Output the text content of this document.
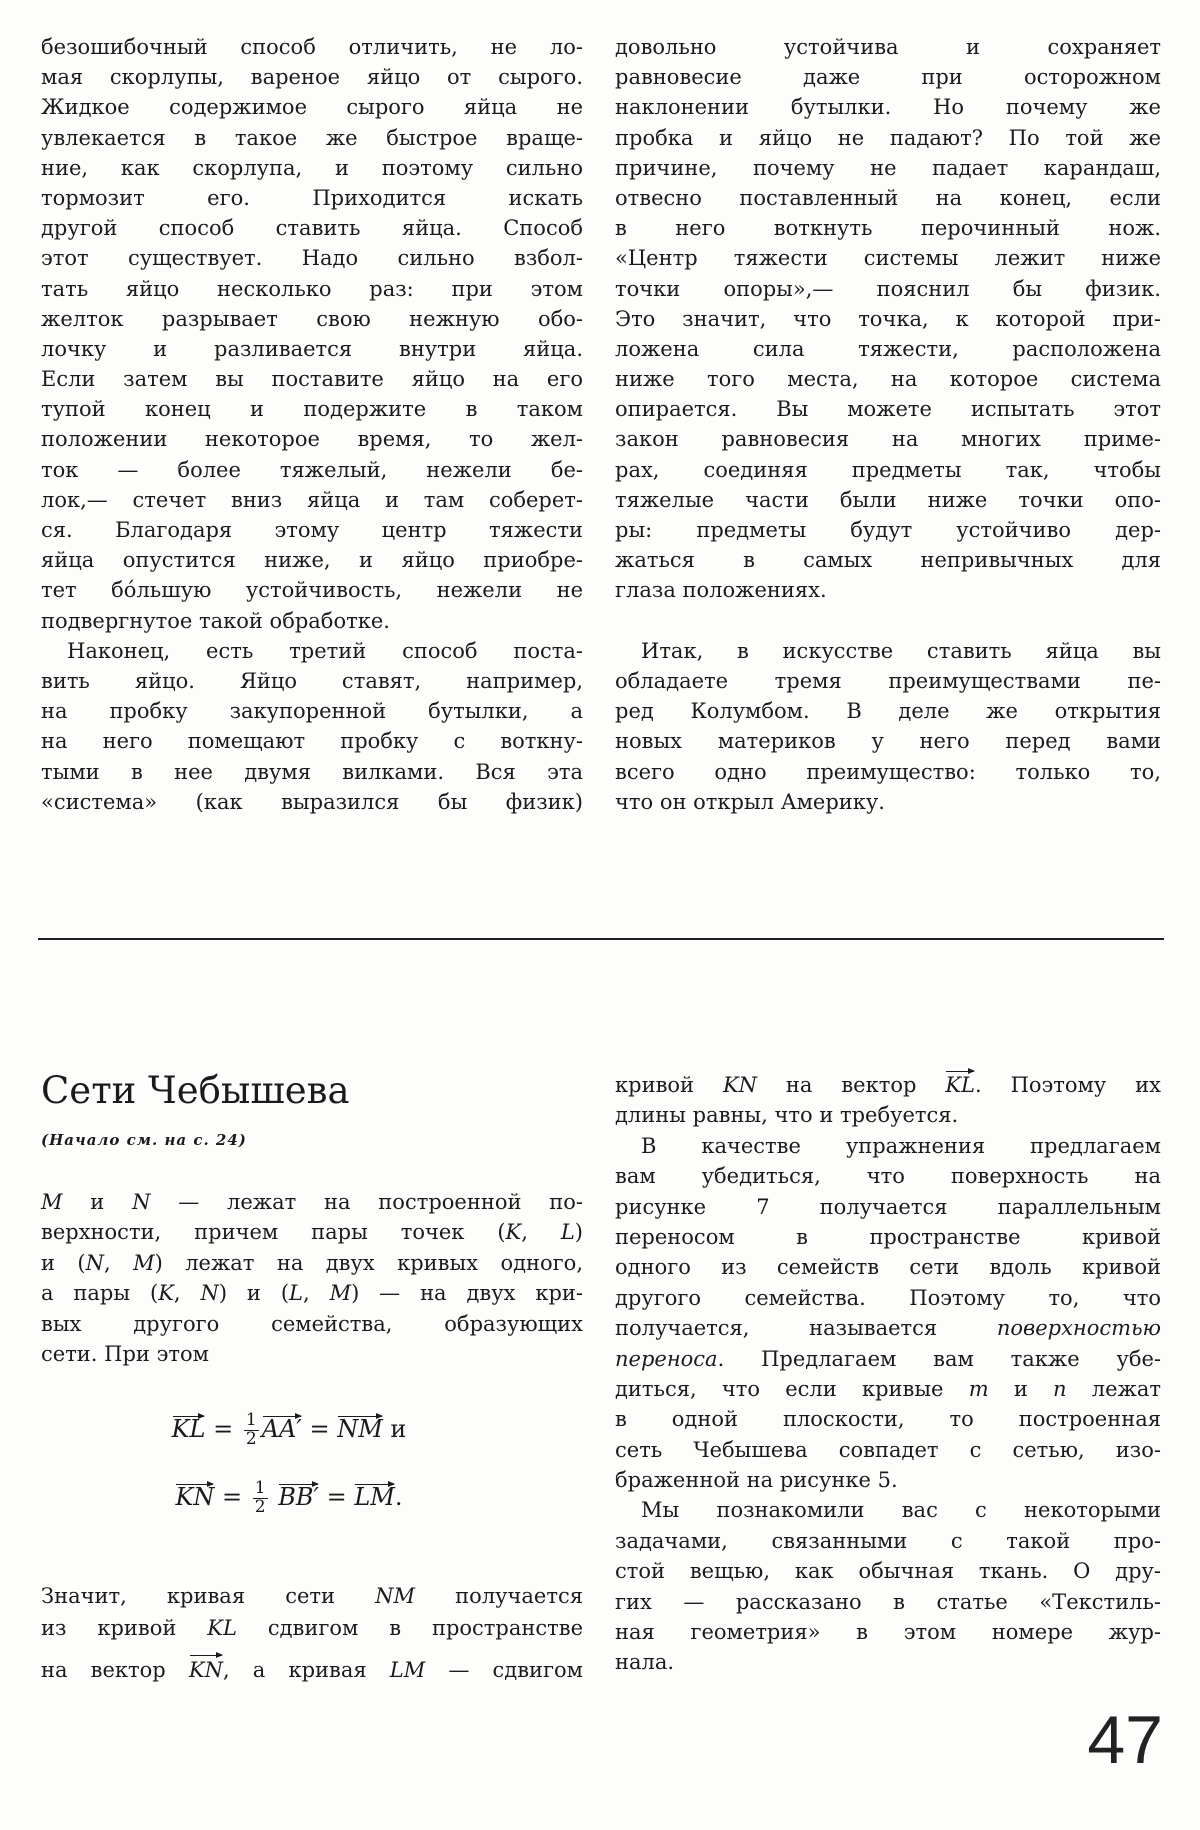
безошибочный способ отличить, не ло-
мая скорлупы, вареное яйцо от сырого.
Жидкое содержимое сырого яйца не
увлекается в такое же быстрое враще-
ние, как скорлупа, и поэтому сильно
тормозит его. Приходится искать
другой способ ставить яйца. Способ
этот существует. Надо сильно взбол-
тать яйцо несколько раз: при этом
желток разрывает свою нежную обо-
лочку и разливается внутри яйца.
Если затем вы поставите яйцо на его
тупой конец и подержите в таком
положении некоторое время, то жел-
ток — более тяжелый, нежели бе-
лок,— стечет вниз яйца и там соберет-
ся. Благодаря этому центр тяжести
яйца опустится ниже, и яйцо приобре-
тет бóльшую устойчивость, нежели не
подвергнутое такой обработке.
Наконец, есть третий способ поста-
вить яйцо. Яйцо ставят, например,
на пробку закупоренной бутылки, а
на него помещают пробку с воткну-
тыми в нее двумя вилками. Вся эта
«система» (как выразился бы физик)
довольно устойчива и сохраняет
равновесие даже при осторожном
наклонении бутылки. Но почему же
пробка и яйцо не падают? По той же
причине, почему не падает карандаш,
отвесно поставленный на конец, если
в него воткнуть перочинный нож.
«Центр тяжести системы лежит ниже
точки опоры»,— пояснил бы физик.
Это значит, что точка, к которой при-
ложена сила тяжести, расположена
ниже того места, на которое система
опирается. Вы можете испытать этот
закон равновесия на многих приме-
рах, соединяя предметы так, чтобы
тяжелые части были ниже точки опо-
ры: предметы будут устойчиво дер-
жаться в самых непривычных для
глаза положениях.
Итак, в искусстве ставить яйца вы
обладаете тремя преимуществами пе-
ред Колумбом. В деле же открытия
новых материков у него перед вами
всего одно преимущество: только то,
что он открыл Америку.
Сети Чебышева
(Начало см. на с. 24)
M и N — лежат на построенной по-
верхности, причем пары точек (K, L)
и (N, M) лежат на двух кривых одного,
а пары (K, N) и (L, M) — на двух кри-
вых другого семейства, образующих
сети. При этом
KL = $\frac{1}{2} AA'$ = NM и
KN = $\frac{1}{2} BB'$ = LM.
Значит, кривая сети NM получается
из кривой KL сдвигом в пространстве
на вектор KN, а кривая LM — сдвигом
кривой KN на вектор KL. Поэтому их
длины равны, что и требуется.
В качестве упражнения предлагаем
вам убедиться, что поверхность на
рисунке 7 получается параллельным
переносом в пространстве кривой
одного из семейств сети вдоль кривой
другого семейства. Поэтому то, что
получается, называется поверхностью
переноса. Предлагаем вам также убе-
диться, что если кривые m и n лежат
в одной плоскости, то построенная
сеть Чебышева совпадет с сетью, изо-
браженной на рисунке 5.
Мы познакомили вас с некоторыми
задачами, связанными с такой про-
стой вещью, как обычная ткань. О дру-
гих — рассказано в статье «Текстиль-
ная геометрия» в этом номере жур-
нала.
47
